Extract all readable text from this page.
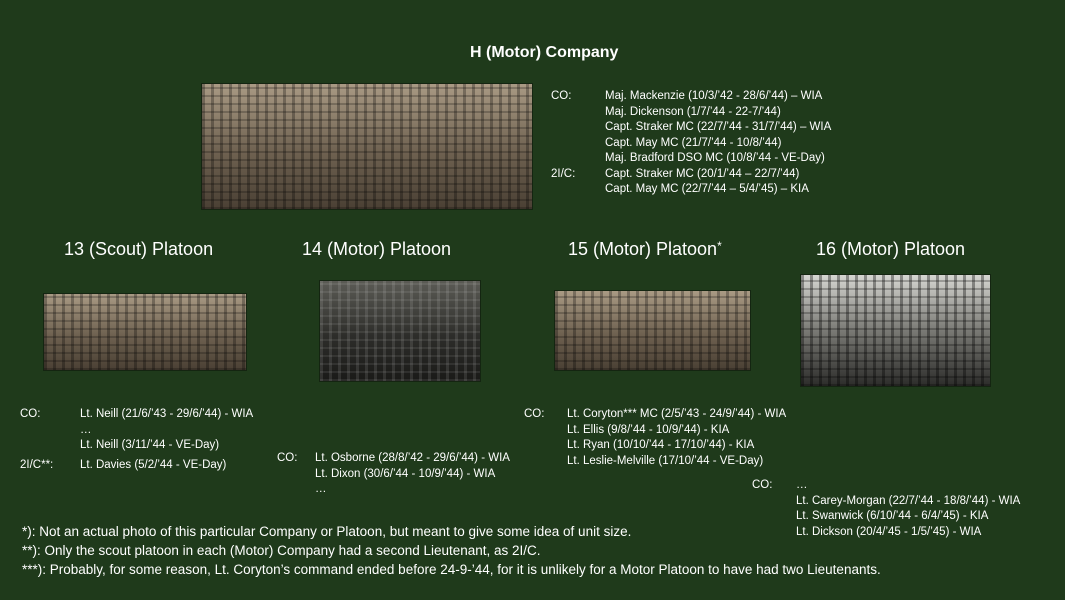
H (Motor) Company
CO:	Maj. Mackenzie (10/3/’42 - 28/6/’44) – WIA
Maj. Dickenson (1/7/’44 - 22-7/’44)
Capt. Straker MC (22/7/’44 - 31/7/’44) – WIA
Capt. May MC (21/7/’44 - 10/8/’44)
Maj. Bradford DSO MC (10/8/’44 - VE-Day)
2I/C:	Capt. Straker MC (20/1/’44 – 22/7/’44)
Capt. May MC (22/7/’44 – 5/4/’45) – KIA
13 (Scout) Platoon	14 (Motor) Platoon	15 (Motor) Platoon*	16 (Motor) Platoon
CO:	Lt. Neill (21/6/’43 - 29/6/’44) - WIA
…
Lt. Neill (3/11/’44 - VE-Day)
2I/C**: Lt. Davies (5/2/’44 - VE-Day)
CO: Lt. Osborne (28/8/’42 - 29/6/’44) - WIA
Lt. Dixon (30/6/’44 - 10/9/’44) - WIA
…
CO: Lt. Coryton*** MC (2/5/’43 - 24/9/’44) - WIA
Lt. Ellis (9/8/’44 - 10/9/’44) - KIA
Lt. Ryan (10/10/’44 - 17/10/’44) - KIA
Lt. Leslie-Melville (17/10/’44 - VE-Day)
CO: …
Lt. Carey-Morgan (22/7/’44 - 18/8/’44) - WIA
Lt. Swanwick (6/10/’44 - 6/4/’45) - KIA
Lt. Dickson (20/4/’45 - 1/5/’45) - WIA
*): Not an actual photo of this particular Company or Platoon, but meant to give some idea of unit size.
**): Only the scout platoon in each (Motor) Company had a second Lieutenant, as 2I/C.
***): Probably, for some reason, Lt. Coryton’s command ended before 24-9-’44, for it is unlikely for a Motor Platoon to have had two Lieutenants.
